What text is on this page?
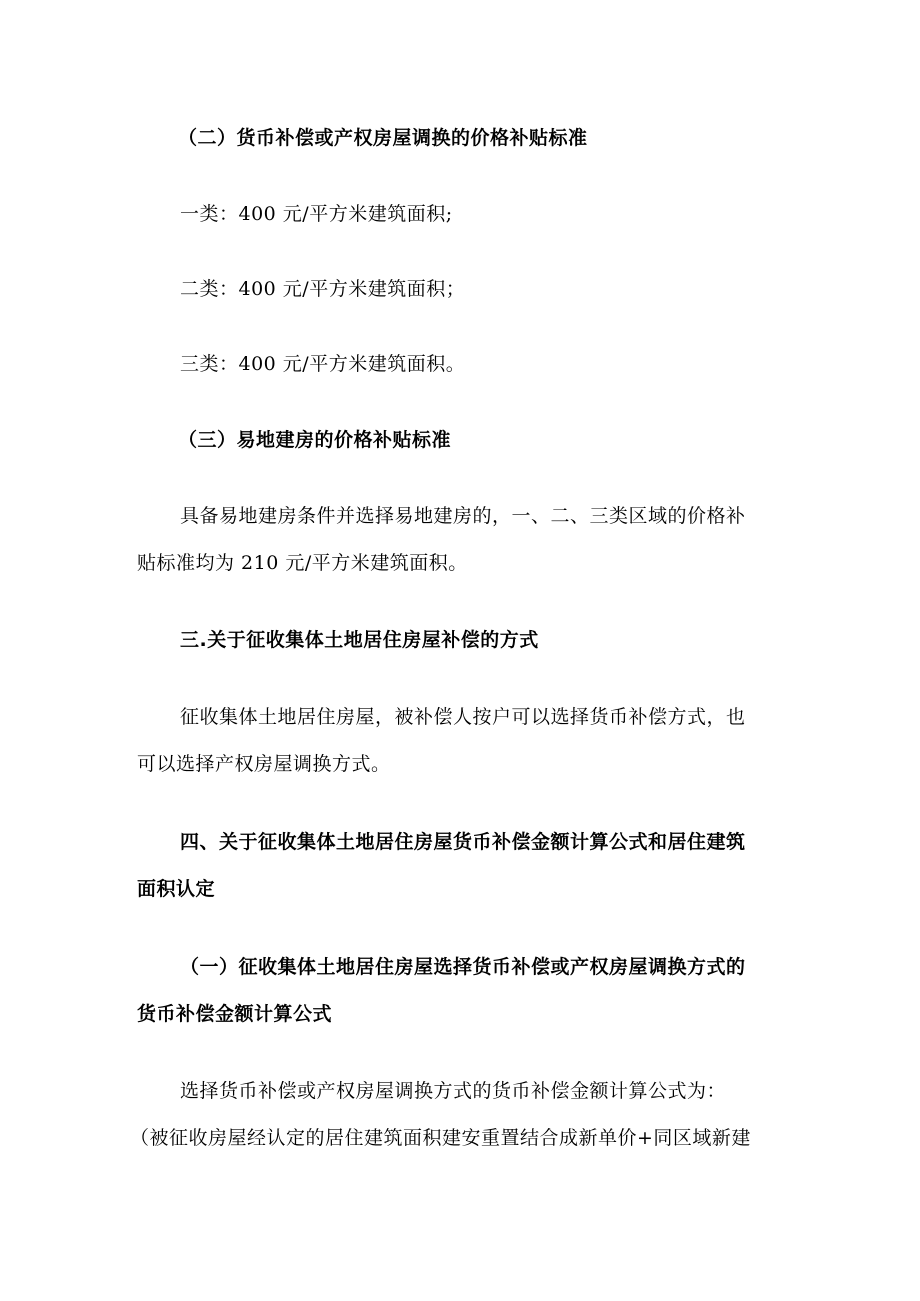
（二）货币补偿或产权房屋调换的价格补贴标准
一类：400 元/平方米建筑面积;
二类：400 元/平方米建筑面积；
三类：400 元/平方米建筑面积。
（三）易地建房的价格补贴标准
具备易地建房条件并选择易地建房的，一、二、三类区域的价格补
贴标准均为 210 元/平方米建筑面积。
三.关于征收集体土地居住房屋补偿的方式
征收集体土地居住房屋，被补偿人按户可以选择货币补偿方式，也
可以选择产权房屋调换方式。
四、关于征收集体土地居住房屋货币补偿金额计算公式和居住建筑
面积认定
（一）征收集体土地居住房屋选择货币补偿或产权房屋调换方式的
货币补偿金额计算公式
选择货币补偿或产权房屋调换方式的货币补偿金额计算公式为：
（被征收房屋经认定的居住建筑面积建安重置结合成新单价+同区域新建
